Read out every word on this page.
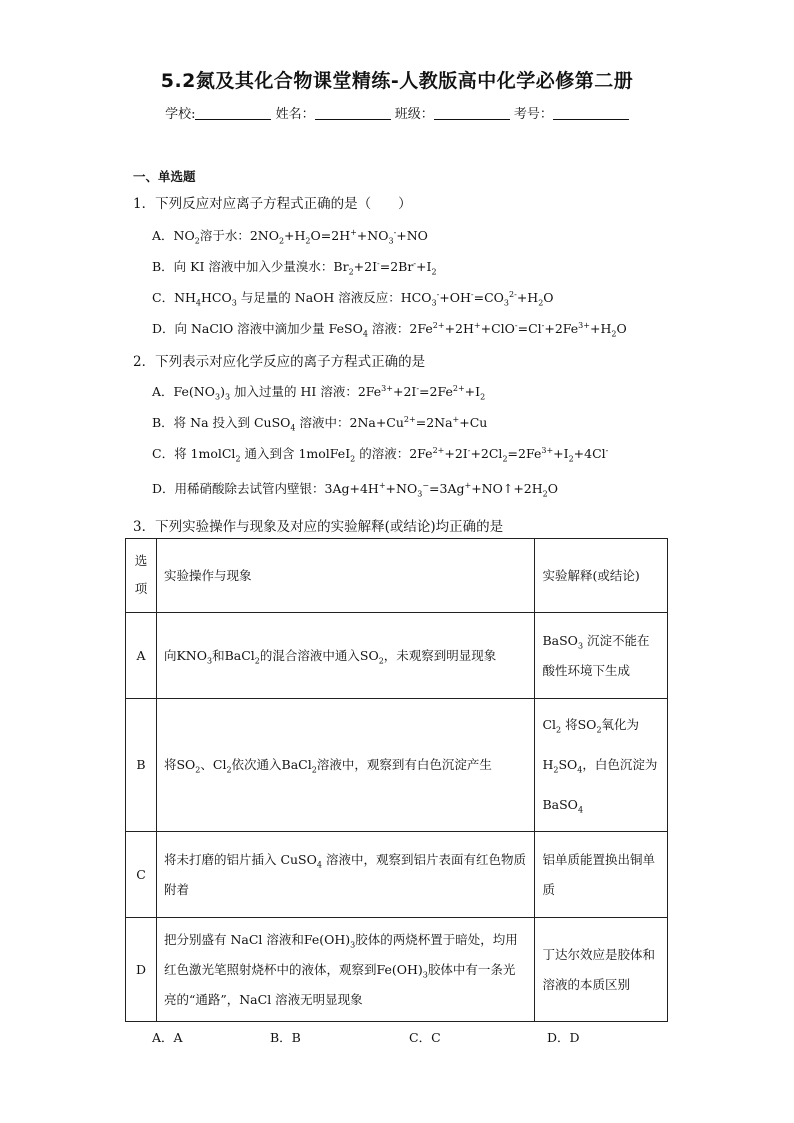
5.2氮及其化合物课堂精练-人教版高中化学必修第二册
学校:	姓名：	班级：	考号：
一、单选题
1．下列反应对应离子方程式正确的是（　　）
A．$NO_2$溶于水：$2NO_2+H_2O=2H^++NO_3^-+NO$
B．向 KI 溶液中加入少量溴水：$Br_2+2I^-=2Br^-+I_2$
C．$NH_4HCO_3$ 与足量的 NaOH 溶液反应：$HCO_3^-+OH^-=CO_3^{2-}+H_2O$
D．向 NaClO 溶液中滴加少量 FeSO$_4$ 溶液：$2Fe^{2+}+2H^++ClO^-=Cl^-+2Fe^{3+}+H_2O$
2．下列表示对应化学反应的离子方程式正确的是
A．$Fe(NO_3)_3$ 加入过量的 HI 溶液：$2Fe^{3+}+2I^-=2Fe^{2+}+I_2$
B．将 Na 投入到 CuSO$_4$ 溶液中：$2Na+Cu^{2+}=2Na^++Cu$
C．将 1molCl$_2$ 通入到含 1molFeI$_2$ 的溶液：$2Fe^{2+}+2I^-+2Cl_2=2Fe^{3+}+I_2+4Cl^-$
D．用稀硝酸除去试管内壁银：$3Ag+4H^++NO_3^-=3Ag^++NO↑+2H_2O$
3．下列实验操作与现象及对应的实验解释(或结论)均正确的是
选项	实验操作与现象	实验解释(或结论)
A	向$KNO_3$和BaCl$_2$的混合溶液中通入$SO_2$，未观察到明显现象	BaSO$_3$ 沉淀不能在酸性环境下生成
B	将$SO_2$、$Cl_2$依次通入BaCl$_2$溶液中，观察到有白色沉淀产生	$Cl_2$ 将$SO_2$氧化为$H_2SO_4$，白色沉淀为BaSO$_4$
C	将未打磨的铝片插入 CuSO$_4$ 溶液中，观察到铝片表面有红色物质附着	铝单质能置换出铜单质
D	把分别盛有 NaCl 溶液和$Fe(OH)_3$胶体的两烧杯置于暗处，均用红色激光笔照射烧杯中的液体，观察到$Fe(OH)_3$胶体中有一条光亮的“通路”，NaCl 溶液无明显现象	丁达尔效应是胶体和溶液的本质区别
A．A	B．B	C．C	D．D
